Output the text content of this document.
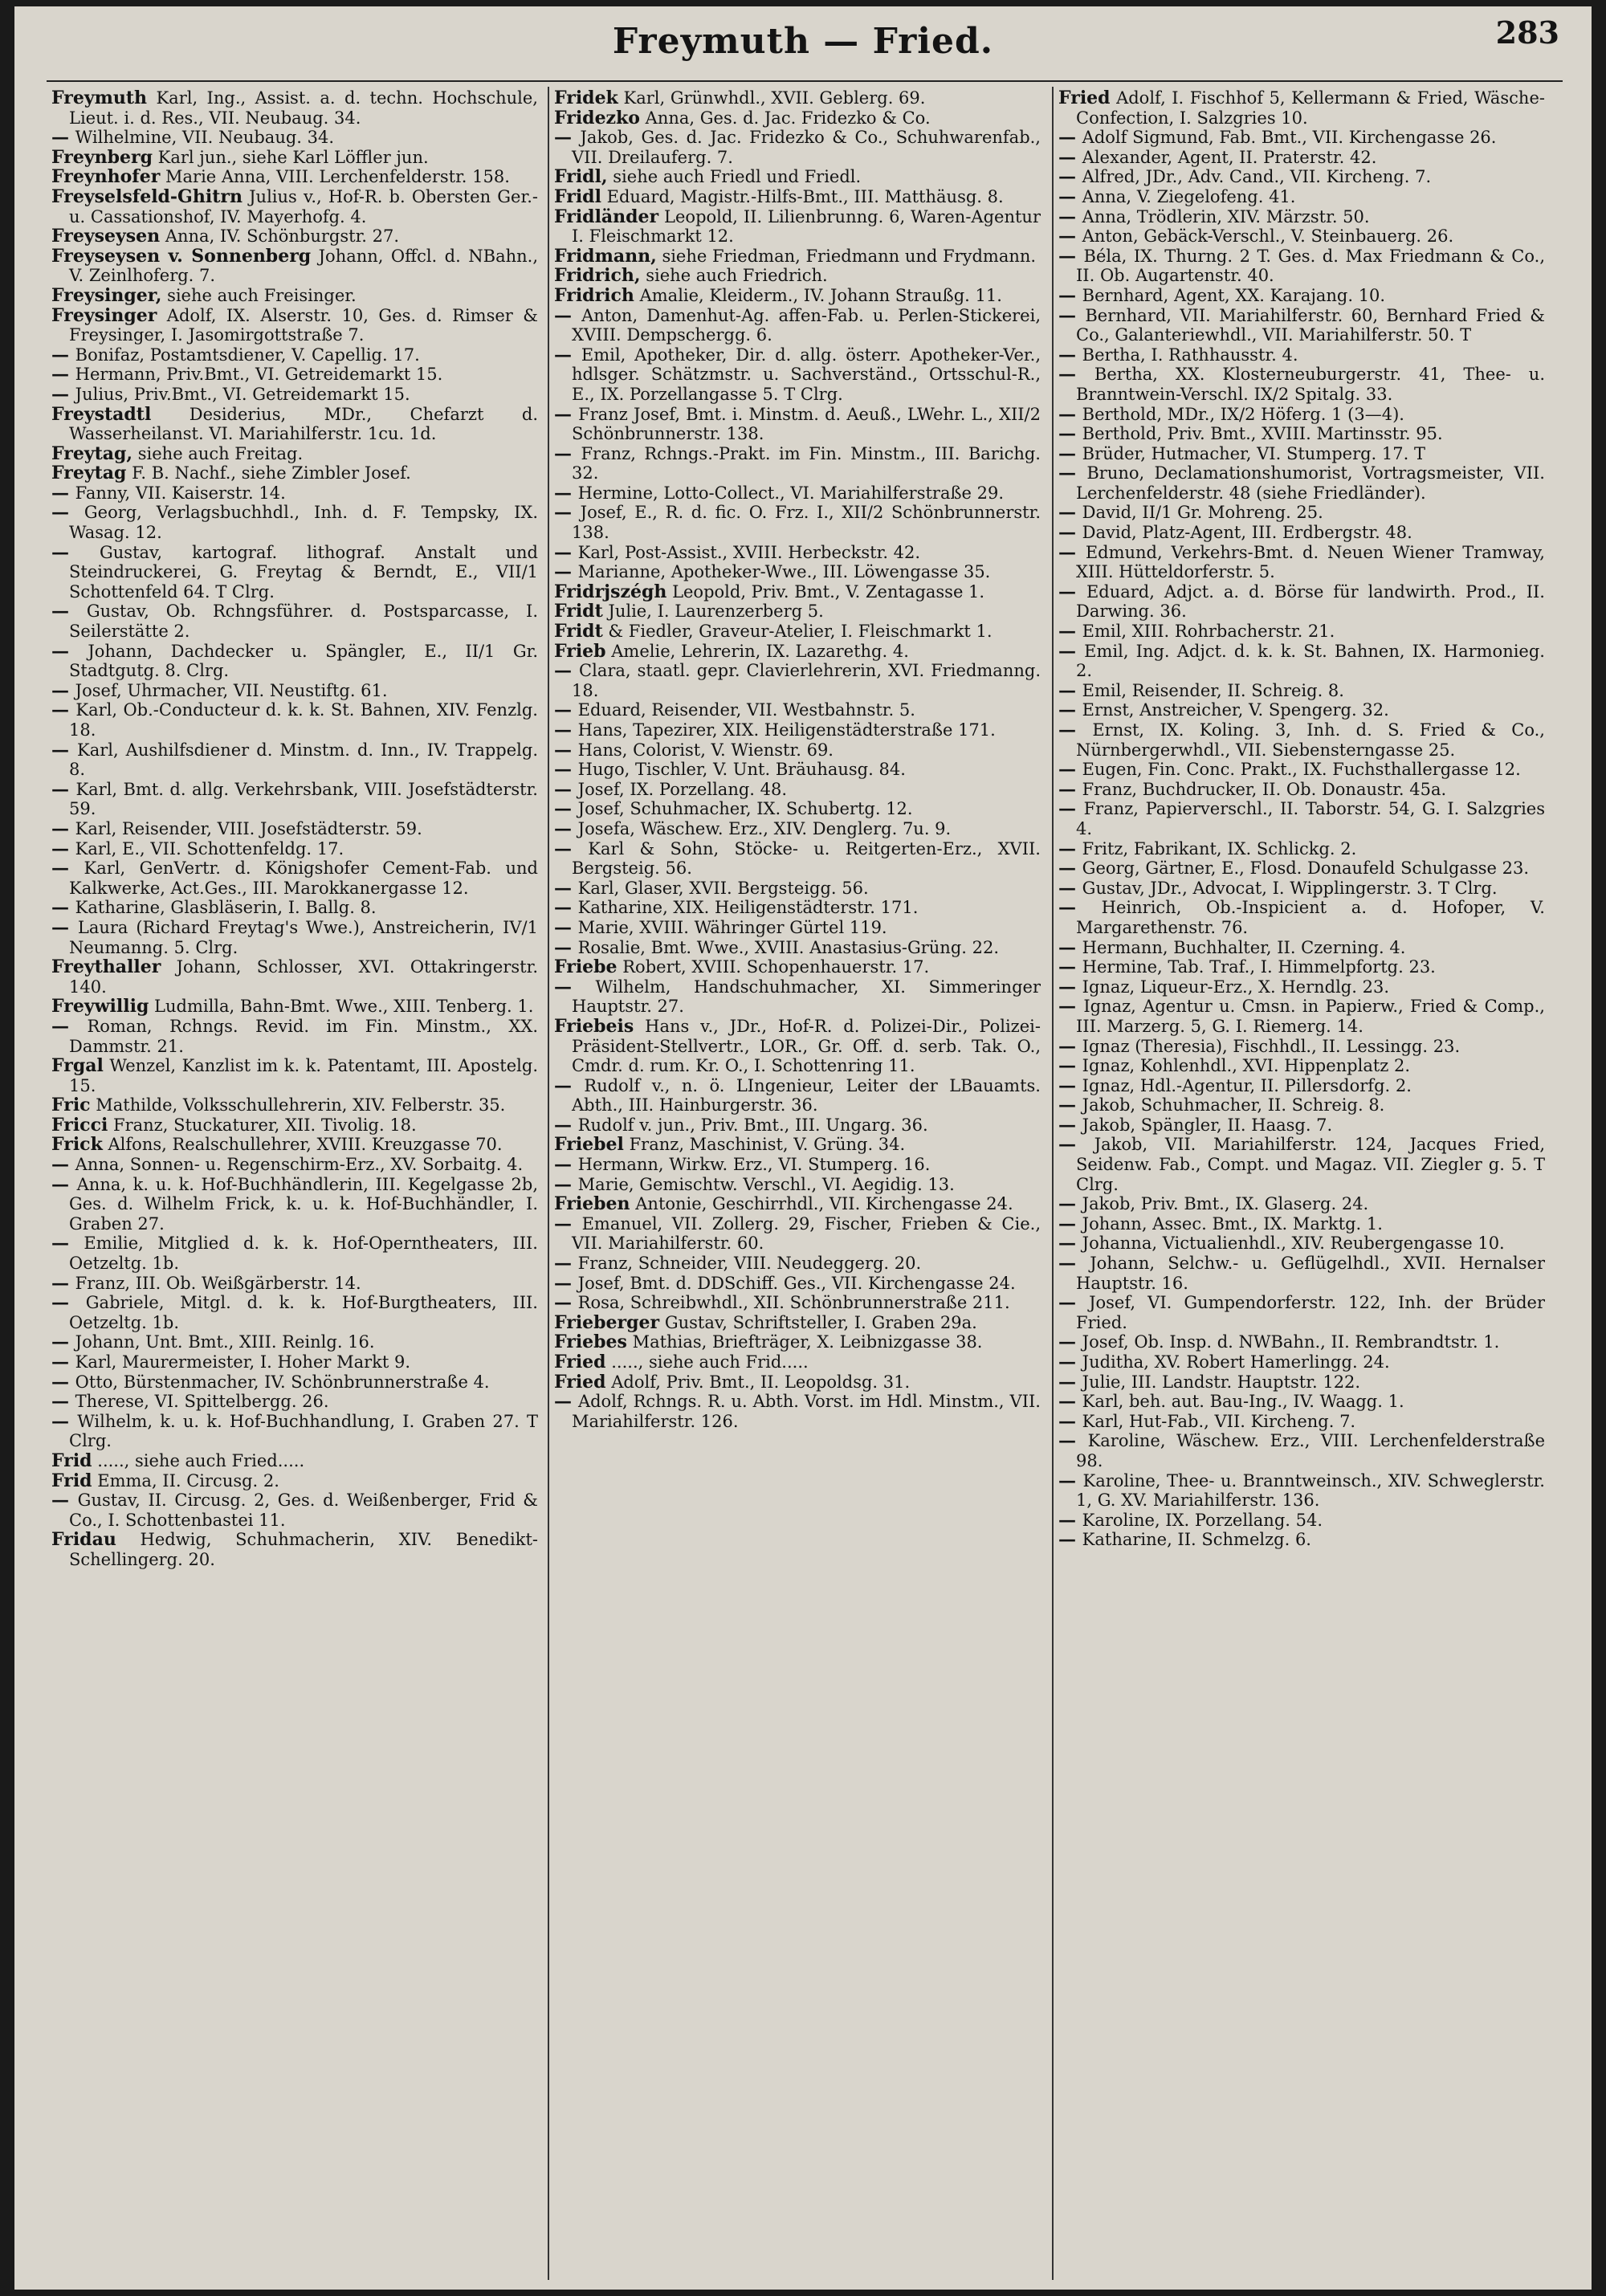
Freymuth — Fried.	283
Freymuth Karl, Ing., Assist. a. d. techn. Hochschule, Lieut. i. d. Res., VII. Neubaug. 34.
— Wilhelmine, VII. Neubaug. 34.
Freynberg Karl jun., siehe Karl Löffler jun.
Freynhofer Marie Anna, VIII. Lerchenfelderstr. 158.
Freyselsfeld-Ghitrn Julius v., Hof-R. b. Obersten Ger.- u. Cassationshof, IV. Mayerhofg. 4.
Freyseysen Anna, IV. Schönburgstr. 27.
Freyseysen v. Sonnenberg Johann, Offcl. d. NBahn., V. Zeinlhoferg. 7.
Freysinger, siehe auch Freisinger.
Freysinger Adolf, IX. Alserstr. 10, Ges. d. Rimser & Freysinger, I. Jasomirgottstraße 7.
— Bonifaz, Postamtsdiener, V. Capellig. 17.
— Hermann, Priv.Bmt., VI. Getreidemarkt 15.
— Julius, Priv.Bmt., VI. Getreidemarkt 15.
Freystadtl Desiderius, MDr., Chefarzt d. Wasserheilanst. VI. Mariahilferstr. 1cu. 1d.
Freytag, siehe auch Freitag.
Freytag F. B. Nachf., siehe Zimbler Josef.
— Fanny, VII. Kaiserstr. 14.
— Georg, Verlagsbuchhdl., Inh. d. F. Tempsky, IX. Wasag. 12.
— Gustav, kartograf. lithograf. Anstalt und Steindruckerei, G. Freytag & Berndt, E., VII/1 Schottenfeld 64. T Clrg.
— Gustav, Ob. Rchngsführer. d. Postsparcasse, I. Seilerstätte 2.
— Johann, Dachdecker u. Spängler, E., II/1 Gr. Stadtgutg. 8. Clrg.
— Josef, Uhrmacher, VII. Neustiftg. 61.
— Karl, Ob.-Conducteur d. k. k. St. Bahnen, XIV. Fenzlg. 18.
— Karl, Aushilfsdiener d. Minstm. d. Inn., IV. Trappelg. 8.
— Karl, Bmt. d. allg. Verkehrsbank, VIII. Josefstädterstr. 59.
— Karl, Reisender, VIII. Josefstädterstr. 59.
— Karl, E., VII. Schottenfeldg. 17.
— Karl, GenVertr. d. Königshofer Cement-Fab. und Kalkwerke, Act.Ges., III. Marokkanergasse 12.
— Katharine, Glasbläserin, I. Ballg. 8.
— Laura (Richard Freytag's Wwe.), Anstreicherin, IV/1 Neumanng. 5. Clrg.
Freythaller Johann, Schlosser, XVI. Ottakringerstr. 140.
Freywillig Ludmilla, Bahn-Bmt. Wwe., XIII. Tenberg. 1.
— Roman, Rchngs. Revid. im Fin. Minstm., XX. Dammstr. 21.
Frgal Wenzel, Kanzlist im k. k. Patentamt, III. Apostelg. 15.
Fric Mathilde, Volksschullehrerin, XIV. Felberstr. 35.
Fricci Franz, Stuckaturer, XII. Tivolig. 18.
Frick Alfons, Realschullehrer, XVIII. Kreuzgasse 70.
— Anna, Sonnen- u. Regenschirm-Erz., XV. Sorbaitg. 4.
— Anna, k. u. k. Hof-Buchhändlerin, III. Kegelgasse 2b, Ges. d. Wilhelm Frick, k. u. k. Hof-Buchhändler, I. Graben 27.
— Emilie, Mitglied d. k. k. Hof-Operntheaters, III. Oetzeltg. 1b.
— Franz, III. Ob. Weißgärberstr. 14.
— Gabriele, Mitgl. d. k. k. Hof-Burgtheaters, III. Oetzeltg. 1b.
— Johann, Unt. Bmt., XIII. Reinlg. 16.
— Karl, Maurermeister, I. Hoher Markt 9.
— Otto, Bürstenmacher, IV. Schönbrunnerstraße 4.
— Therese, VI. Spittelbergg. 26.
— Wilhelm, k. u. k. Hof-Buchhandlung, I. Graben 27. T Clrg.
Frid ....., siehe auch Fried.....
Frid Emma, II. Circusg. 2.
— Gustav, II. Circusg. 2, Ges. d. Weißenberger, Frid & Co., I. Schottenbastei 11.
Fridau Hedwig, Schuhmacherin, XIV. Benedikt-Schellingerg. 20.
Fridek Karl, Grünwhdl., XVII. Geblerg. 69.
Fridezko Anna, Ges. d. Jac. Fridezko & Co.
— Jakob, Ges. d. Jac. Fridezko & Co., Schuhwarenfab., VII. Dreilauferg. 7.
Fridl, siehe auch Friedl und Friedl.
Fridl Eduard, Magistr.-Hilfs-Bmt., III. Matthäusg. 8.
Fridländer Leopold, II. Lilienbrunng. 6, Waren-Agentur I. Fleischmarkt 12.
Fridmann, siehe Friedman, Friedmann und Frydmann.
Fridrich, siehe auch Friedrich.
Fridrich Amalie, Kleiderm., IV. Johann Straußg. 11.
— Anton, Damenhut-Ag. affen-Fab. u. Perlen-Stickerei, XVIII. Dempschergg. 6.
— Emil, Apotheker, Dir. d. allg. österr. Apotheker-Ver., hdlsger. Schätzmstr. u. Sachverständ., Ortsschul-R., E., IX. Porzellangasse 5. T Clrg.
— Franz Josef, Bmt. i. Minstm. d. Aeuß., LWehr. L., XII/2 Schönbrunnerstr. 138.
— Franz, Rchngs.-Prakt. im Fin. Minstm., III. Barichg. 32.
— Hermine, Lotto-Collect., VI. Mariahilferstraße 29.
— Josef, E., R. d. fic. O. Frz. I., XII/2 Schönbrunnerstr. 138.
— Karl, Post-Assist., XVIII. Herbeckstr. 42.
— Marianne, Apotheker-Wwe., III. Löwengasse 35.
Fridrjszégh Leopold, Priv. Bmt., V. Zentagasse 1.
Fridt Julie, I. Laurenzerberg 5.
Fridt & Fiedler, Graveur-Atelier, I. Fleischmarkt 1.
Frieb Amelie, Lehrerin, IX. Lazarethg. 4.
— Clara, staatl. gepr. Clavierlehrerin, XVI. Friedmanng. 18.
— Eduard, Reisender, VII. Westbahnstr. 5.
— Hans, Tapezirer, XIX. Heiligenstädterstraße 171.
— Hans, Colorist, V. Wienstr. 69.
— Hugo, Tischler, V. Unt. Bräuhausg. 84.
— Josef, IX. Porzellang. 48.
— Josef, Schuhmacher, IX. Schubertg. 12.
— Josefa, Wäschew. Erz., XIV. Denglerg. 7u. 9.
— Karl & Sohn, Stöcke- u. Reitgerten-Erz., XVII. Bergsteig. 56.
— Karl, Glaser, XVII. Bergsteigg. 56.
— Katharine, XIX. Heiligenstädterstr. 171.
— Marie, XVIII. Währinger Gürtel 119.
— Rosalie, Bmt. Wwe., XVIII. Anastasius-Grüng. 22.
Friebe Robert, XVIII. Schopenhauerstr. 17.
— Wilhelm, Handschuhmacher, XI. Simmeringer Hauptstr. 27.
Friebeis Hans v., JDr., Hof-R. d. Polizei-Dir., Polizei-Präsident-Stellvertr., LOR., Gr. Off. d. serb. Tak. O., Cmdr. d. rum. Kr. O., I. Schottenring 11.
— Rudolf v., n. ö. LIngenieur, Leiter der LBauamts. Abth., III. Hainburgerstr. 36.
— Rudolf v. jun., Priv. Bmt., III. Ungarg. 36.
Friebel Franz, Maschinist, V. Grüng. 34.
— Hermann, Wirkw. Erz., VI. Stumperg. 16.
— Marie, Gemischtw. Verschl., VI. Aegidig. 13.
Frieben Antonie, Geschirrhdl., VII. Kirchengasse 24.
— Emanuel, VII. Zollerg. 29, Fischer, Frieben & Cie., VII. Mariahilferstr. 60.
— Franz, Schneider, VIII. Neudeggerg. 20.
— Josef, Bmt. d. DDSchiff. Ges., VII. Kirchengasse 24.
— Rosa, Schreibwhdl., XII. Schönbrunnerstraße 211.
Frieberger Gustav, Schriftsteller, I. Graben 29a.
Friebes Mathias, Briefträger, X. Leibnizgasse 38.
Fried ....., siehe auch Frid.....
Fried Adolf, Priv. Bmt., II. Leopoldsg. 31.
— Adolf, Rchngs. R. u. Abth. Vorst. im Hdl. Minstm., VII. Mariahilferstr. 126.
Fried Adolf, I. Fischhof 5, Kellermann & Fried, Wäsche-Confection, I. Salzgries 10.
— Adolf Sigmund, Fab. Bmt., VII. Kirchengasse 26.
— Alexander, Agent, II. Praterstr. 42.
— Alfred, JDr., Adv. Cand., VII. Kircheng. 7.
— Anna, V. Ziegelofeng. 41.
— Anna, Trödlerin, XIV. Märzstr. 50.
— Anton, Gebäck-Verschl., V. Steinbauerg. 26.
— Béla, IX. Thurng. 2 T. Ges. d. Max Friedmann & Co., II. Ob. Augartenstr. 40.
— Bernhard, Agent, XX. Karajang. 10.
— Bernhard, VII. Mariahilferstr. 60, Bernhard Fried & Co., Galanteriewhdl., VII. Mariahilferstr. 50. T
— Bertha, I. Rathhausstr. 4.
— Bertha, XX. Klosterneuburgerstr. 41, Thee- u. Branntwein-Verschl. IX/2 Spitalg. 33.
— Berthold, MDr., IX/2 Höferg. 1 (3—4).
— Berthold, Priv. Bmt., XVIII. Martinsstr. 95.
— Brüder, Hutmacher, VI. Stumperg. 17. T
— Bruno, Declamationshumorist, Vortragsmeister, VII. Lerchenfelderstr. 48 (siehe Friedländer).
— David, II/1 Gr. Mohreng. 25.
— David, Platz-Agent, III. Erdbergstr. 48.
— Edmund, Verkehrs-Bmt. d. Neuen Wiener Tramway, XIII. Hütteldorferstr. 5.
— Eduard, Adjct. a. d. Börse für landwirth. Prod., II. Darwing. 36.
— Emil, XIII. Rohrbacherstr. 21.
— Emil, Ing. Adjct. d. k. k. St. Bahnen, IX. Harmonieg. 2.
— Emil, Reisender, II. Schreig. 8.
— Ernst, Anstreicher, V. Spengerg. 32.
— Ernst, IX. Koling. 3, Inh. d. S. Fried & Co., Nürnbergerwhdl., VII. Siebensterngasse 25.
— Eugen, Fin. Conc. Prakt., IX. Fuchsthallergasse 12.
— Franz, Buchdrucker, II. Ob. Donaustr. 45a.
— Franz, Papierverschl., II. Taborstr. 54, G. I. Salzgries 4.
— Fritz, Fabrikant, IX. Schlickg. 2.
— Georg, Gärtner, E., Flosd. Donaufeld Schulgasse 23.
— Gustav, JDr., Advocat, I. Wipplingerstr. 3. T Clrg.
— Heinrich, Ob.-Inspicient a. d. Hofoper, V. Margarethenstr. 76.
— Hermann, Buchhalter, II. Czerning. 4.
— Hermine, Tab. Traf., I. Himmelpfortg. 23.
— Ignaz, Liqueur-Erz., X. Herndlg. 23.
— Ignaz, Agentur u. Cmsn. in Papierw., Fried & Comp., III. Marzerg. 5, G. I. Riemerg. 14.
— Ignaz (Theresia), Fischhdl., II. Lessingg. 23.
— Ignaz, Kohlenhdl., XVI. Hippenplatz 2.
— Ignaz, Hdl.-Agentur, II. Pillersdorfg. 2.
— Jakob, Schuhmacher, II. Schreig. 8.
— Jakob, Spängler, II. Haasg. 7.
— Jakob, VII. Mariahilferstr. 124, Jacques Fried, Seidenw. Fab., Compt. und Magaz. VII. Ziegler g. 5. T Clrg.
— Jakob, Priv. Bmt., IX. Glaserg. 24.
— Johann, Assec. Bmt., IX. Marktg. 1.
— Johanna, Victualienhdl., XIV. Reubergengasse 10.
— Johann, Selchw.- u. Geflügelhdl., XVII. Hernalser Hauptstr. 16.
— Josef, VI. Gumpendorferstr. 122, Inh. der Brüder Fried.
— Josef, Ob. Insp. d. NWBahn., II. Rembrandtstr. 1.
— Juditha, XV. Robert Hamerlingg. 24.
— Julie, III. Landstr. Hauptstr. 122.
— Karl, beh. aut. Bau-Ing., IV. Waagg. 1.
— Karl, Hut-Fab., VII. Kircheng. 7.
— Karoline, Wäschew. Erz., VIII. Lerchenfelderstraße 98.
— Karoline, Thee- u. Branntweinsch., XIV. Schweglerstr. 1, G. XV. Mariahilferstr. 136.
— Karoline, IX. Porzellang. 54.
— Katharine, II. Schmelzg. 6.
